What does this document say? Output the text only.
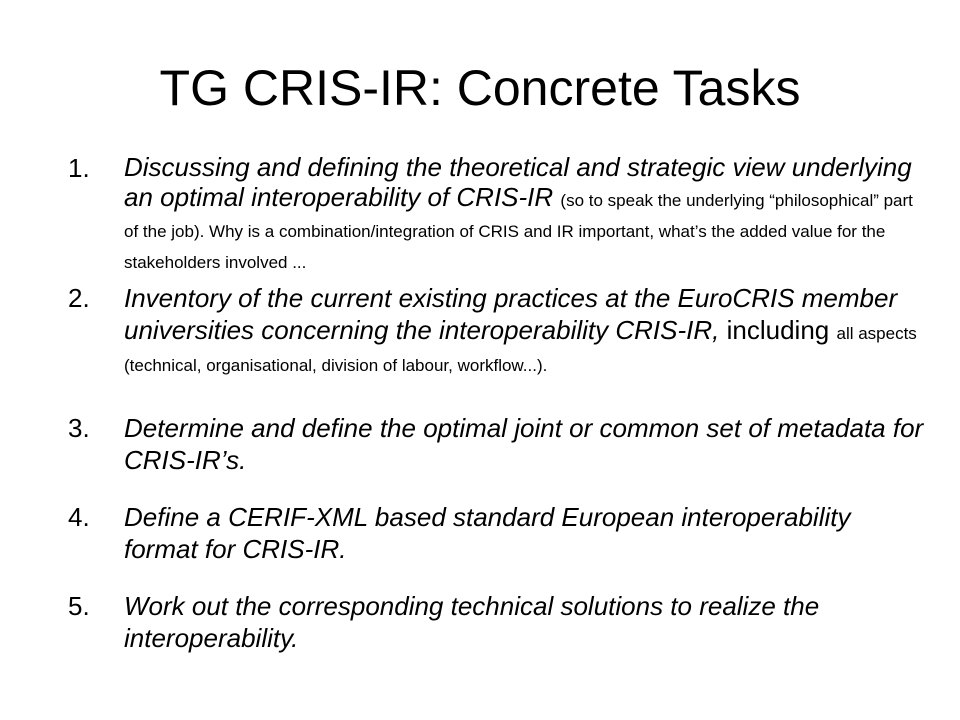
TG CRIS-IR: Concrete Tasks
1. Discussing and defining the theoretical and strategic view underlying an optimal interoperability of CRIS-IR (so to speak the underlying “philosophical” part of the job). Why is a combination/integration of CRIS and IR important, what’s the added value for the stakeholders involved ...
2. Inventory of the current existing practices at the EuroCRIS member universities concerning the interoperability CRIS-IR, including all aspects (technical, organisational, division of labour, workflow...).
3. Determine and define the optimal joint or common set of metadata for CRIS-IR’s.
4. Define a CERIF-XML based standard European interoperability format for CRIS-IR.
5. Work out the corresponding technical solutions to realize the interoperability.
